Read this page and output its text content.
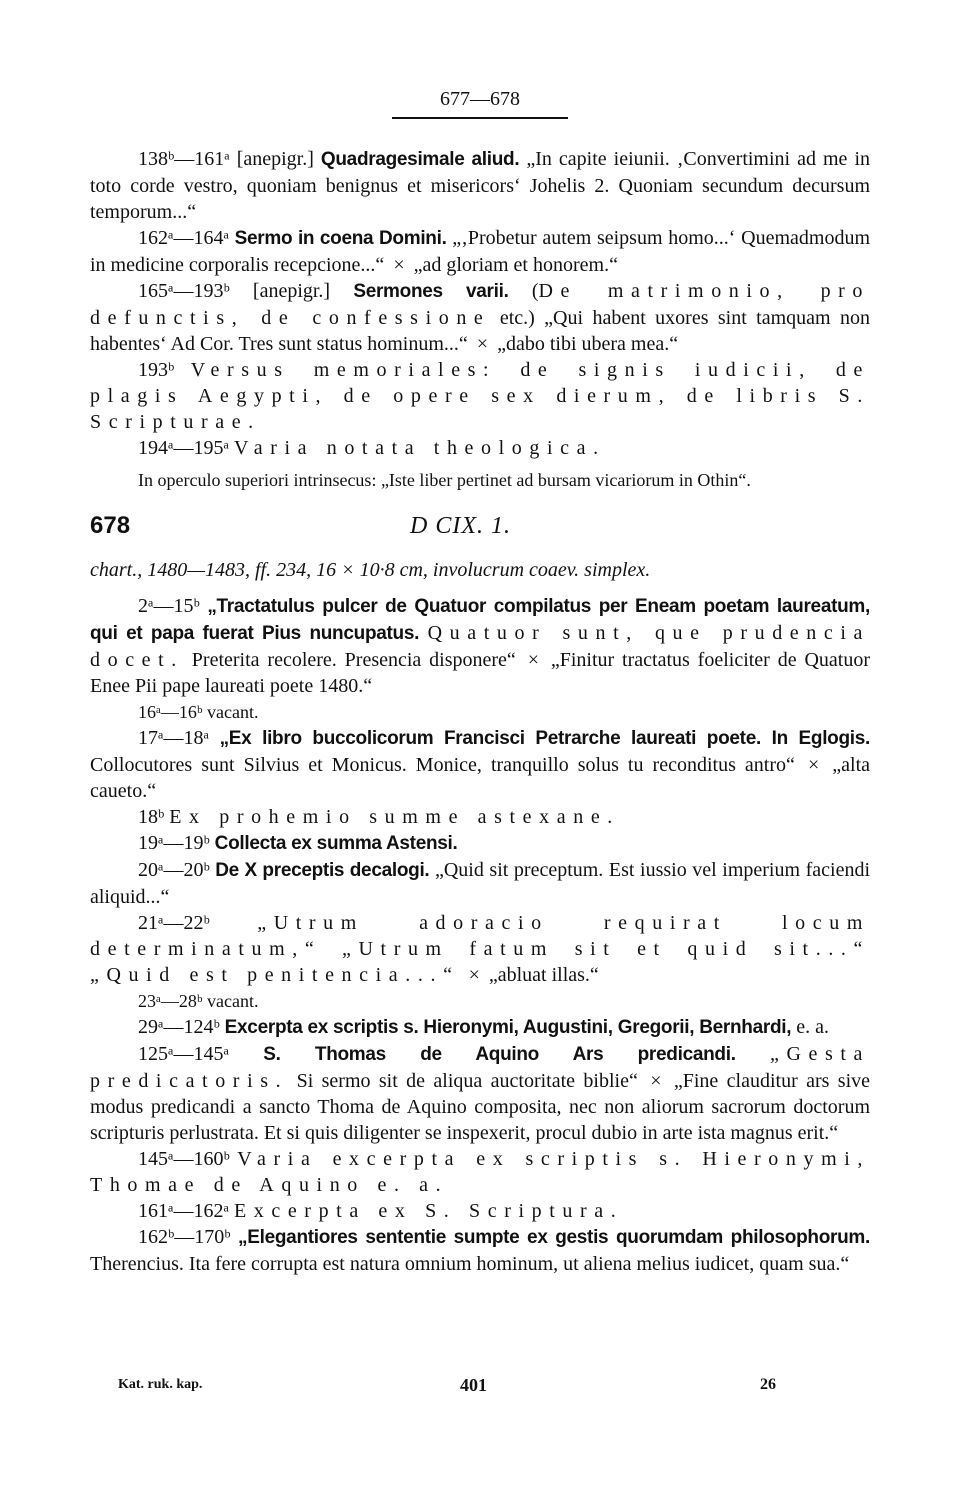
677—678

138ᵇ—161ᵃ [anepigr.] Quadragesimale aliud. „In capite ieiunii. ‚Convertimini ad me in toto corde vestro, quoniam benignus et misericors‘ Johelis 2. Quoniam secundum decursum temporum...“

162ᵃ—164ᵃ Sermo in coena Domini. „‚Probetur autem seipsum homo...‘ Quemadmodum in medicine corporalis recepcione...“ × „ad gloriam et honorem.“

165ᵃ—193ᵇ [anepigr.] Sermones varii. (De matrimonio, pro defunctis, de confessione etc.) „Qui habent uxores sint tamquam non habentes‘ Ad Cor. Tres sunt status hominum...“ × „dabo tibi ubera mea.“

193ᵇ Versus memoriales: de signis iudicii, de plagis Aegypti, de opere sex dierum, de libris S. Scripturae.

194ᵃ—195ᵃ Varia notata theologica.

In operculo superiori intrinsecus: „Iste liber pertinet ad bursam vicariorum in Othin“.

678	D CIX. 1.

chart., 1480—1483, ff. 234, 16 × 10·8 cm, involucrum coaev. simplex.

2ᵃ—15ᵇ „Tractatulus pulcer de Quatuor compilatus per Eneam poetam laureatum, qui et papa fuerat Pius nuncupatus. Quatuor sunt, que prudencia docet. Preterita recolere. Presencia disponere“ × „Finitur tractatus foeliciter de Quatuor Enee Pii pape laureati poete 1480.“

16ᵃ—16ᵇ vacant.

17ᵃ—18ᵃ „Ex libro buccolicorum Francisci Petrarche laureati poete. In Eglogis. Collocutores sunt Silvius et Monicus. Monice, tranquillo solus tu reconditus antro“ × „alta caueto.“

18ᵇ Ex prohemio summe astexane.

19ᵃ—19ᵇ Collecta ex summa Astensi.

20ᵃ—20ᵇ De X preceptis decalogi. „Quid sit preceptum. Est iussio vel imperium faciendi aliquid...“

21ᵃ—22ᵇ „Utrum adoracio requirat locum determinatum,“ „Utrum fatum sit et quid sit...“ „Quid est penitencia...“ × „abluat illas.“

23ᵃ—28ᵇ vacant.

29ᵃ—124ᵇ Excerpta ex scriptis s. Hieronymi, Augustini, Gregorii, Bernhardi, e. a.

125ᵃ—145ᵃ S. Thomas de Aquino Ars predicandi. „Gesta predicatoris. Si sermo sit de aliqua auctoritate biblie“ × „Fine clauditur ars sive modus predicandi a sancto Thoma de Aquino composita, nec non aliorum sacrorum doctorum scripturis perlustrata. Et si quis diligenter se inspexerit, procul dubio in arte ista magnus erit.“

145ᵃ—160ᵇ Varia excerpta ex scriptis s. Hieronymi, Thomae de Aquino e. a.

161ᵃ—162ᵃ Excerpta ex S. Scriptura.

162ᵇ—170ᵇ „Elegantiores sententie sumpte ex gestis quorumdam philosophorum. Therencius. Ita fere corrupta est natura omnium hominum, ut aliena melius iudicet, quam sua.“

Kat. ruk. kap.	401	26
